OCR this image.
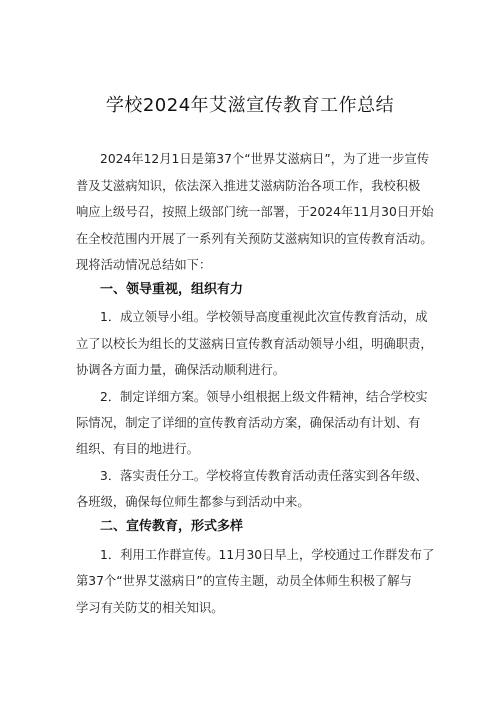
学校2024年艾滋宣传教育工作总结
2024年12月1日是第37个“世界艾滋病日”，为了进一步宣传
普及艾滋病知识，依法深入推进艾滋病防治各项工作，我校积极
响应上级号召，按照上级部门统一部署，于2024年11月30日开始
在全校范围内开展了一系列有关预防艾滋病知识的宣传教育活动。
现将活动情况总结如下：
一、领导重视，组织有力
1．成立领导小组。学校领导高度重视此次宣传教育活动，成
立了以校长为组长的艾滋病日宣传教育活动领导小组，明确职责，
协调各方面力量，确保活动顺利进行。
2．制定详细方案。领导小组根据上级文件精神，结合学校实
际情况，制定了详细的宣传教育活动方案，确保活动有计划、有
组织、有目的地进行。
3．落实责任分工。学校将宣传教育活动责任落实到各年级、
各班级，确保每位师生都参与到活动中来。
二、宣传教育，形式多样
1．利用工作群宣传。11月30日早上，学校通过工作群发布了
第37个“世界艾滋病日”的宣传主题，动员全体师生积极了解与
学习有关防艾的相关知识。
